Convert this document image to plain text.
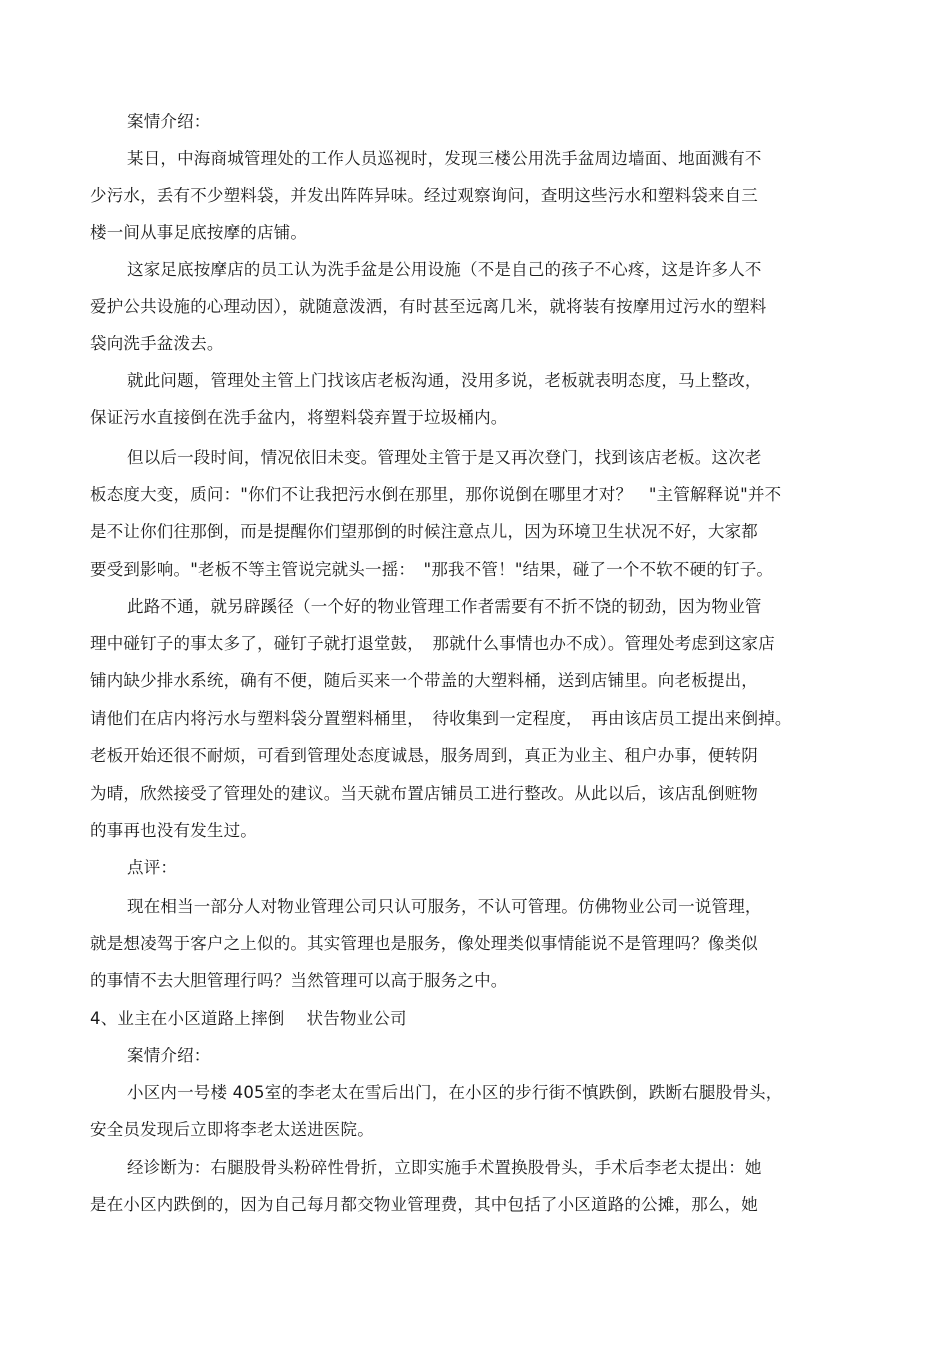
案情介绍：
某日，中海商城管理处的工作人员巡视时，发现三楼公用洗手盆周边墙面、地面溅有不
少污水，丢有不少塑料袋，并发出阵阵异味。经过观察询问，查明这些污水和塑料袋来自三
楼一间从事足底按摩的店铺。
这家足底按摩店的员工认为洗手盆是公用设施（不是自己的孩子不心疼，这是许多人不
爱护公共设施的心理动因），就随意泼洒，有时甚至远离几米，就将装有按摩用过污水的塑料
袋向洗手盆泼去。
就此问题，管理处主管上门找该店老板沟通，没用多说，老板就表明态度，马上整改，
保证污水直接倒在洗手盆内，将塑料袋弃置于垃圾桶内。
但以后一段时间，情况依旧未变。管理处主管于是又再次登门，找到该店老板。这次老
板态度大变，质问："你们不让我把污水倒在那里，那你说倒在哪里才对？　"主管解释说"并不
是不让你们往那倒，而是提醒你们望那倒的时候注意点儿，因为环境卫生状况不好，大家都
要受到影响。"老板不等主管说完就头一摇：　"那我不管！"结果，碰了一个不软不硬的钉子。
此路不通，就另辟蹊径（一个好的物业管理工作者需要有不折不饶的韧劲，因为物业管
理中碰钉子的事太多了，碰钉子就打退堂鼓，　那就什么事情也办不成）。管理处考虑到这家店
铺内缺少排水系统，确有不便，随后买来一个带盖的大塑料桶，送到店铺里。向老板提出，
请他们在店内将污水与塑料袋分置塑料桶里，　待收集到一定程度，　再由该店员工提出来倒掉。
老板开始还很不耐烦，可看到管理处态度诚恳，服务周到，真正为业主、租户办事，便转阴
为晴，欣然接受了管理处的建议。当天就布置店铺员工进行整改。从此以后，该店乱倒赃物
的事再也没有发生过。
点评：
现在相当一部分人对物业管理公司只认可服务，不认可管理。仿佛物业公司一说管理，
就是想凌驾于客户之上似的。其实管理也是服务，像处理类似事情能说不是管理吗？像类似
的事情不去大胆管理行吗？当然管理可以高于服务之中。
4、业主在小区道路上摔倒　 状告物业公司
案情介绍：
小区内一号楼 405室的李老太在雪后出门，在小区的步行街不慎跌倒，跌断右腿股骨头，
安全员发现后立即将李老太送进医院。
经诊断为：右腿股骨头粉碎性骨折，立即实施手术置换股骨头，手术后李老太提出：她
是在小区内跌倒的，因为自己每月都交物业管理费，其中包括了小区道路的公摊，那么，她
